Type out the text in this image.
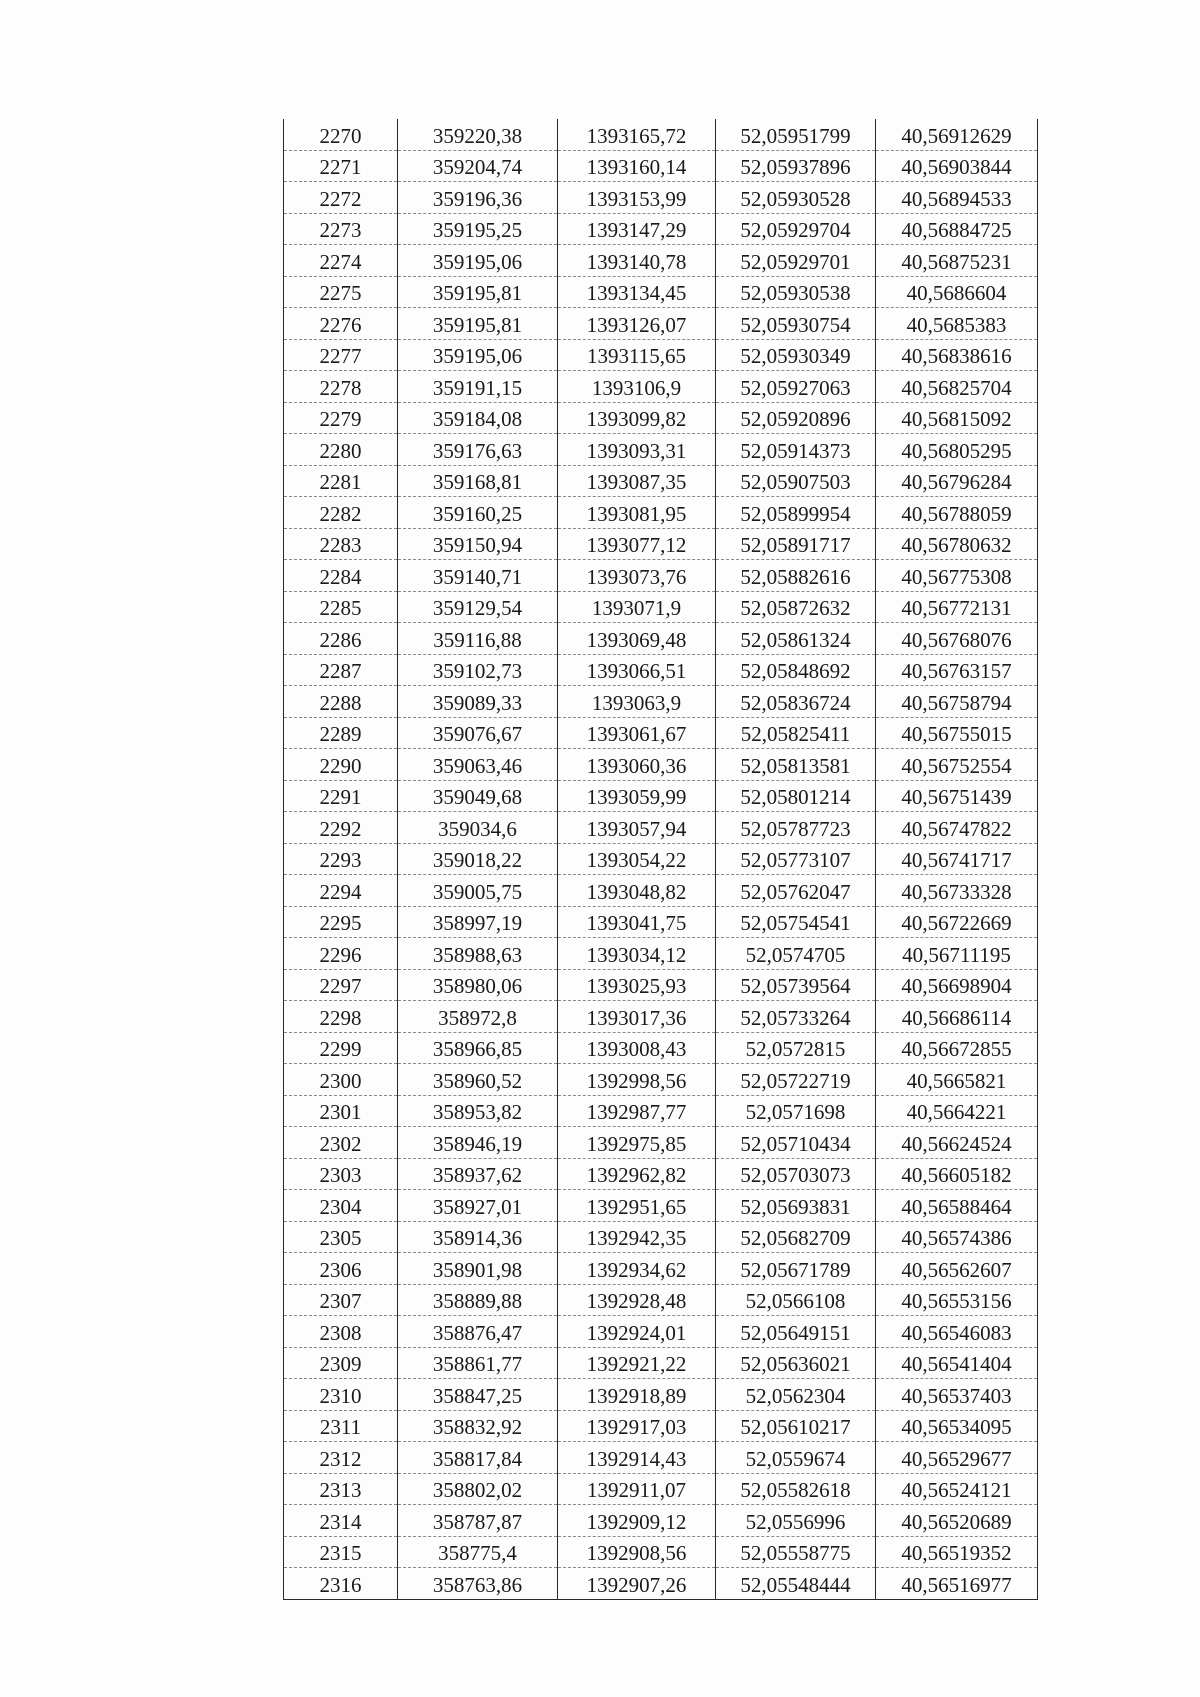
2270	359220,38	1393165,72	52,05951799	40,56912629
2271	359204,74	1393160,14	52,05937896	40,56903844
2272	359196,36	1393153,99	52,05930528	40,56894533
2273	359195,25	1393147,29	52,05929704	40,56884725
2274	359195,06	1393140,78	52,05929701	40,56875231
2275	359195,81	1393134,45	52,05930538	40,5686604
2276	359195,81	1393126,07	52,05930754	40,5685383
2277	359195,06	1393115,65	52,05930349	40,56838616
2278	359191,15	1393106,9	52,05927063	40,56825704
2279	359184,08	1393099,82	52,05920896	40,56815092
2280	359176,63	1393093,31	52,05914373	40,56805295
2281	359168,81	1393087,35	52,05907503	40,56796284
2282	359160,25	1393081,95	52,05899954	40,56788059
2283	359150,94	1393077,12	52,05891717	40,56780632
2284	359140,71	1393073,76	52,05882616	40,56775308
2285	359129,54	1393071,9	52,05872632	40,56772131
2286	359116,88	1393069,48	52,05861324	40,56768076
2287	359102,73	1393066,51	52,05848692	40,56763157
2288	359089,33	1393063,9	52,05836724	40,56758794
2289	359076,67	1393061,67	52,05825411	40,56755015
2290	359063,46	1393060,36	52,05813581	40,56752554
2291	359049,68	1393059,99	52,05801214	40,56751439
2292	359034,6	1393057,94	52,05787723	40,56747822
2293	359018,22	1393054,22	52,05773107	40,56741717
2294	359005,75	1393048,82	52,05762047	40,56733328
2295	358997,19	1393041,75	52,05754541	40,56722669
2296	358988,63	1393034,12	52,0574705	40,56711195
2297	358980,06	1393025,93	52,05739564	40,56698904
2298	358972,8	1393017,36	52,05733264	40,56686114
2299	358966,85	1393008,43	52,0572815	40,56672855
2300	358960,52	1392998,56	52,05722719	40,5665821
2301	358953,82	1392987,77	52,0571698	40,5664221
2302	358946,19	1392975,85	52,05710434	40,56624524
2303	358937,62	1392962,82	52,05703073	40,56605182
2304	358927,01	1392951,65	52,05693831	40,56588464
2305	358914,36	1392942,35	52,05682709	40,56574386
2306	358901,98	1392934,62	52,05671789	40,56562607
2307	358889,88	1392928,48	52,0566108	40,56553156
2308	358876,47	1392924,01	52,05649151	40,56546083
2309	358861,77	1392921,22	52,05636021	40,56541404
2310	358847,25	1392918,89	52,0562304	40,56537403
2311	358832,92	1392917,03	52,05610217	40,56534095
2312	358817,84	1392914,43	52,0559674	40,56529677
2313	358802,02	1392911,07	52,05582618	40,56524121
2314	358787,87	1392909,12	52,0556996	40,56520689
2315	358775,4	1392908,56	52,05558775	40,56519352
2316	358763,86	1392907,26	52,05548444	40,56516977
